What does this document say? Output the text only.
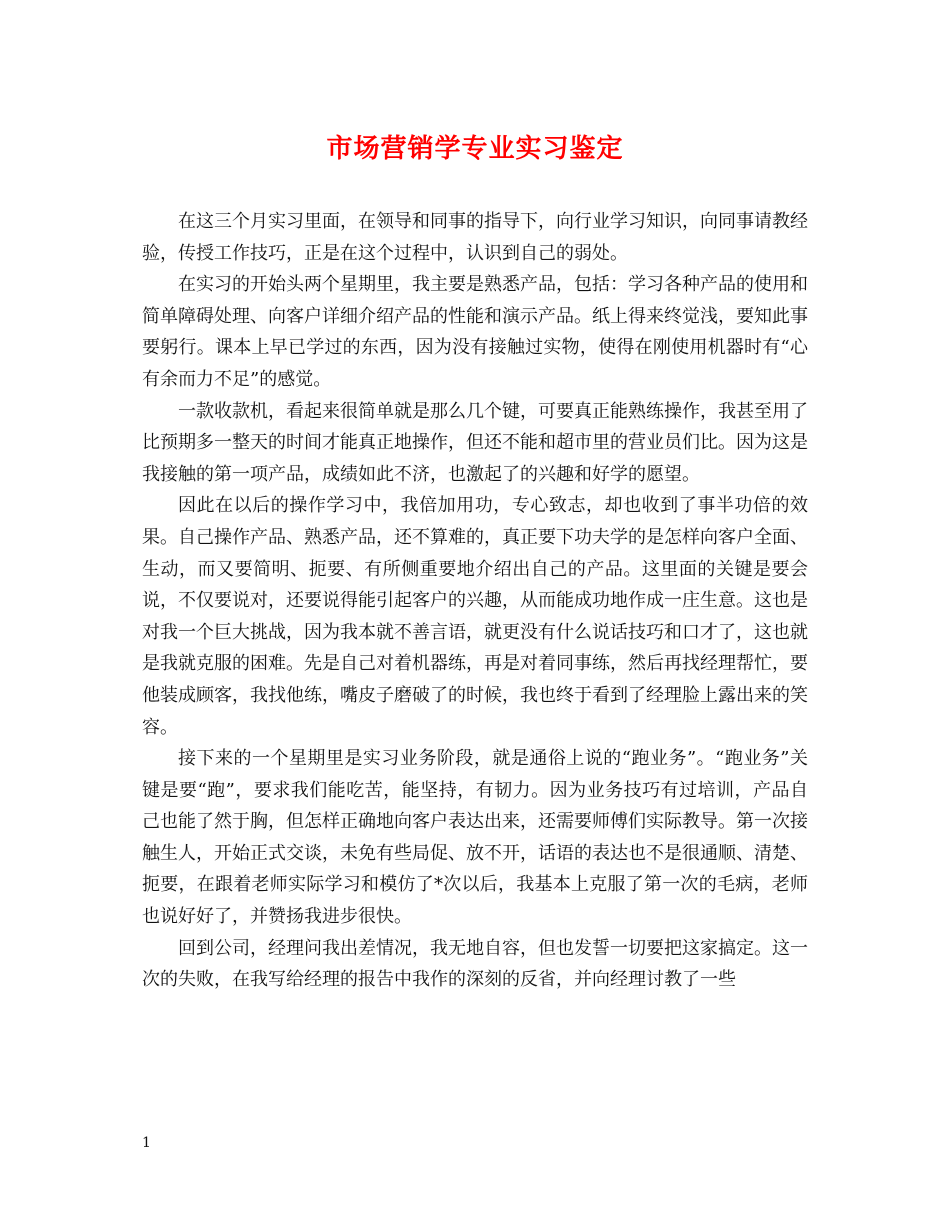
市场营销学专业实习鉴定

在这三个月实习里面，在领导和同事的指导下，向行业学习知识，向同事请教经验，传授工作技巧，正是在这个过程中，认识到自己的弱处。

在实习的开始头两个星期里，我主要是熟悉产品，包括：学习各种产品的使用和简单障碍处理、向客户详细介绍产品的性能和演示产品。纸上得来终觉浅，要知此事要躬行。课本上早已学过的东西，因为没有接触过实物，使得在刚使用机器时有“心有余而力不足”的感觉。

一款收款机，看起来很简单就是那么几个键，可要真正能熟练操作，我甚至用了比预期多一整天的时间才能真正地操作，但还不能和超市里的营业员们比。因为这是我接触的第一项产品，成绩如此不济，也激起了的兴趣和好学的愿望。

因此在以后的操作学习中，我倍加用功，专心致志，却也收到了事半功倍的效果。自己操作产品、熟悉产品，还不算难的，真正要下功夫学的是怎样向客户全面、生动，而又要简明、扼要、有所侧重要地介绍出自己的产品。这里面的关键是要会说，不仅要说对，还要说得能引起客户的兴趣，从而能成功地作成一庄生意。这也是对我一个巨大挑战，因为我本就不善言语，就更没有什么说话技巧和口才了，这也就是我就克服的困难。先是自己对着机器练，再是对着同事练，然后再找经理帮忙，要他装成顾客，我找他练，嘴皮子磨破了的时候，我也终于看到了经理脸上露出来的笑容。

接下来的一个星期里是实习业务阶段，就是通俗上说的“跑业务”。“跑业务”关键是要“跑”，要求我们能吃苦，能坚持，有韧力。因为业务技巧有过培训，产品自己也能了然于胸，但怎样正确地向客户表达出来，还需要师傅们实际教导。第一次接触生人，开始正式交谈，未免有些局促、放不开，话语的表达也不是很通顺、清楚、扼要，在跟着老师实际学习和模仿了*次以后，我基本上克服了第一次的毛病，老师也说好好了，并赞扬我进步很快。

回到公司，经理问我出差情况，我无地自容，但也发誓一切要把这家搞定。这一次的失败，在我写给经理的报告中我作的深刻的反省，并向经理讨教了一些

1
